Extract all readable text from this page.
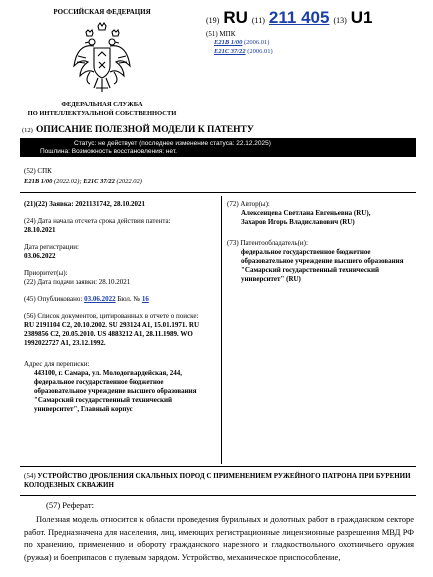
РОССИЙСКАЯ ФЕДЕРАЦИЯ
ФЕДЕРАЛЬНАЯ СЛУЖБА
ПО ИНТЕЛЛЕКТУАЛЬНОЙ СОБСТВЕННОСТИ
(19) RU (11) 211 405 (13) U1
(51) МПК
E21B 1/00 (2006.01)
E21C 37/22 (2006.01)
(12) ОПИСАНИЕ ПОЛЕЗНОЙ МОДЕЛИ К ПАТЕНТУ
Статус: не действует (последнее изменение статуса: 22.12.2025)
Пошлина: Возможность восстановления: нет.
(52) СПК
E21B 1/00 (2022.02); E21C 37/22 (2022.02)

(21)(22) Заявка: 2021131742, 28.10.2021

(24) Дата начала отсчета срока действия патента:

28.10.2021

Дата регистрации:

03.06.2022

Приоритет(ы):

(22) Дата подачи заявки: 28.10.2021

(45) Опубликовано: 03.06.2022 Бюл. № 16

(56) Список документов, цитированных в отчете о поиске:

RU 2191104 C2, 20.10.2002. SU 293124 A1, 15.01.1971. RU 2389856 C2, 20.05.2010. US 4883212 A1, 28.11.1989. WO 1992022727 A1, 23.12.1992.

Адрес для переписки:

443100, г. Самара, ул. Молодогвардейская, 244, федеральное государственное бюджетное образовательное учреждение высшего образования "Самарский государственный технический университет", Главный корпус

(72) Автор(ы):

Алексенцева Светлана Евгеньевна (RU),

Захаров Игорь Владиславович (RU)

(73) Патентообладатель(и):

федеральное государственное бюджетное образовательное учреждение высшего образования "Самарский государственный технический университет" (RU)

(54) УСТРОЙСТВО ДРОБЛЕНИЯ СКАЛЬНЫХ ПОРОД С ПРИМЕНЕНИЕМ РУЖЕЙНОГО ПАТРОНА ПРИ БУРЕНИИ КОЛОДЕЗНЫХ СКВАЖИН
(57) Реферат:
Полезная модель относится к области проведения бурильных и долотных работ в гражданском секторе работ. Предназначена для населения, лиц, имеющих регистрационные лицензионные разрешения МВД РФ по хранению, применению и обороту гражданского нарезного и гладкоствольного охотничьего оружия (ружья) и боеприпасов с пулевым зарядом. Устройство, механическое приспособление,
